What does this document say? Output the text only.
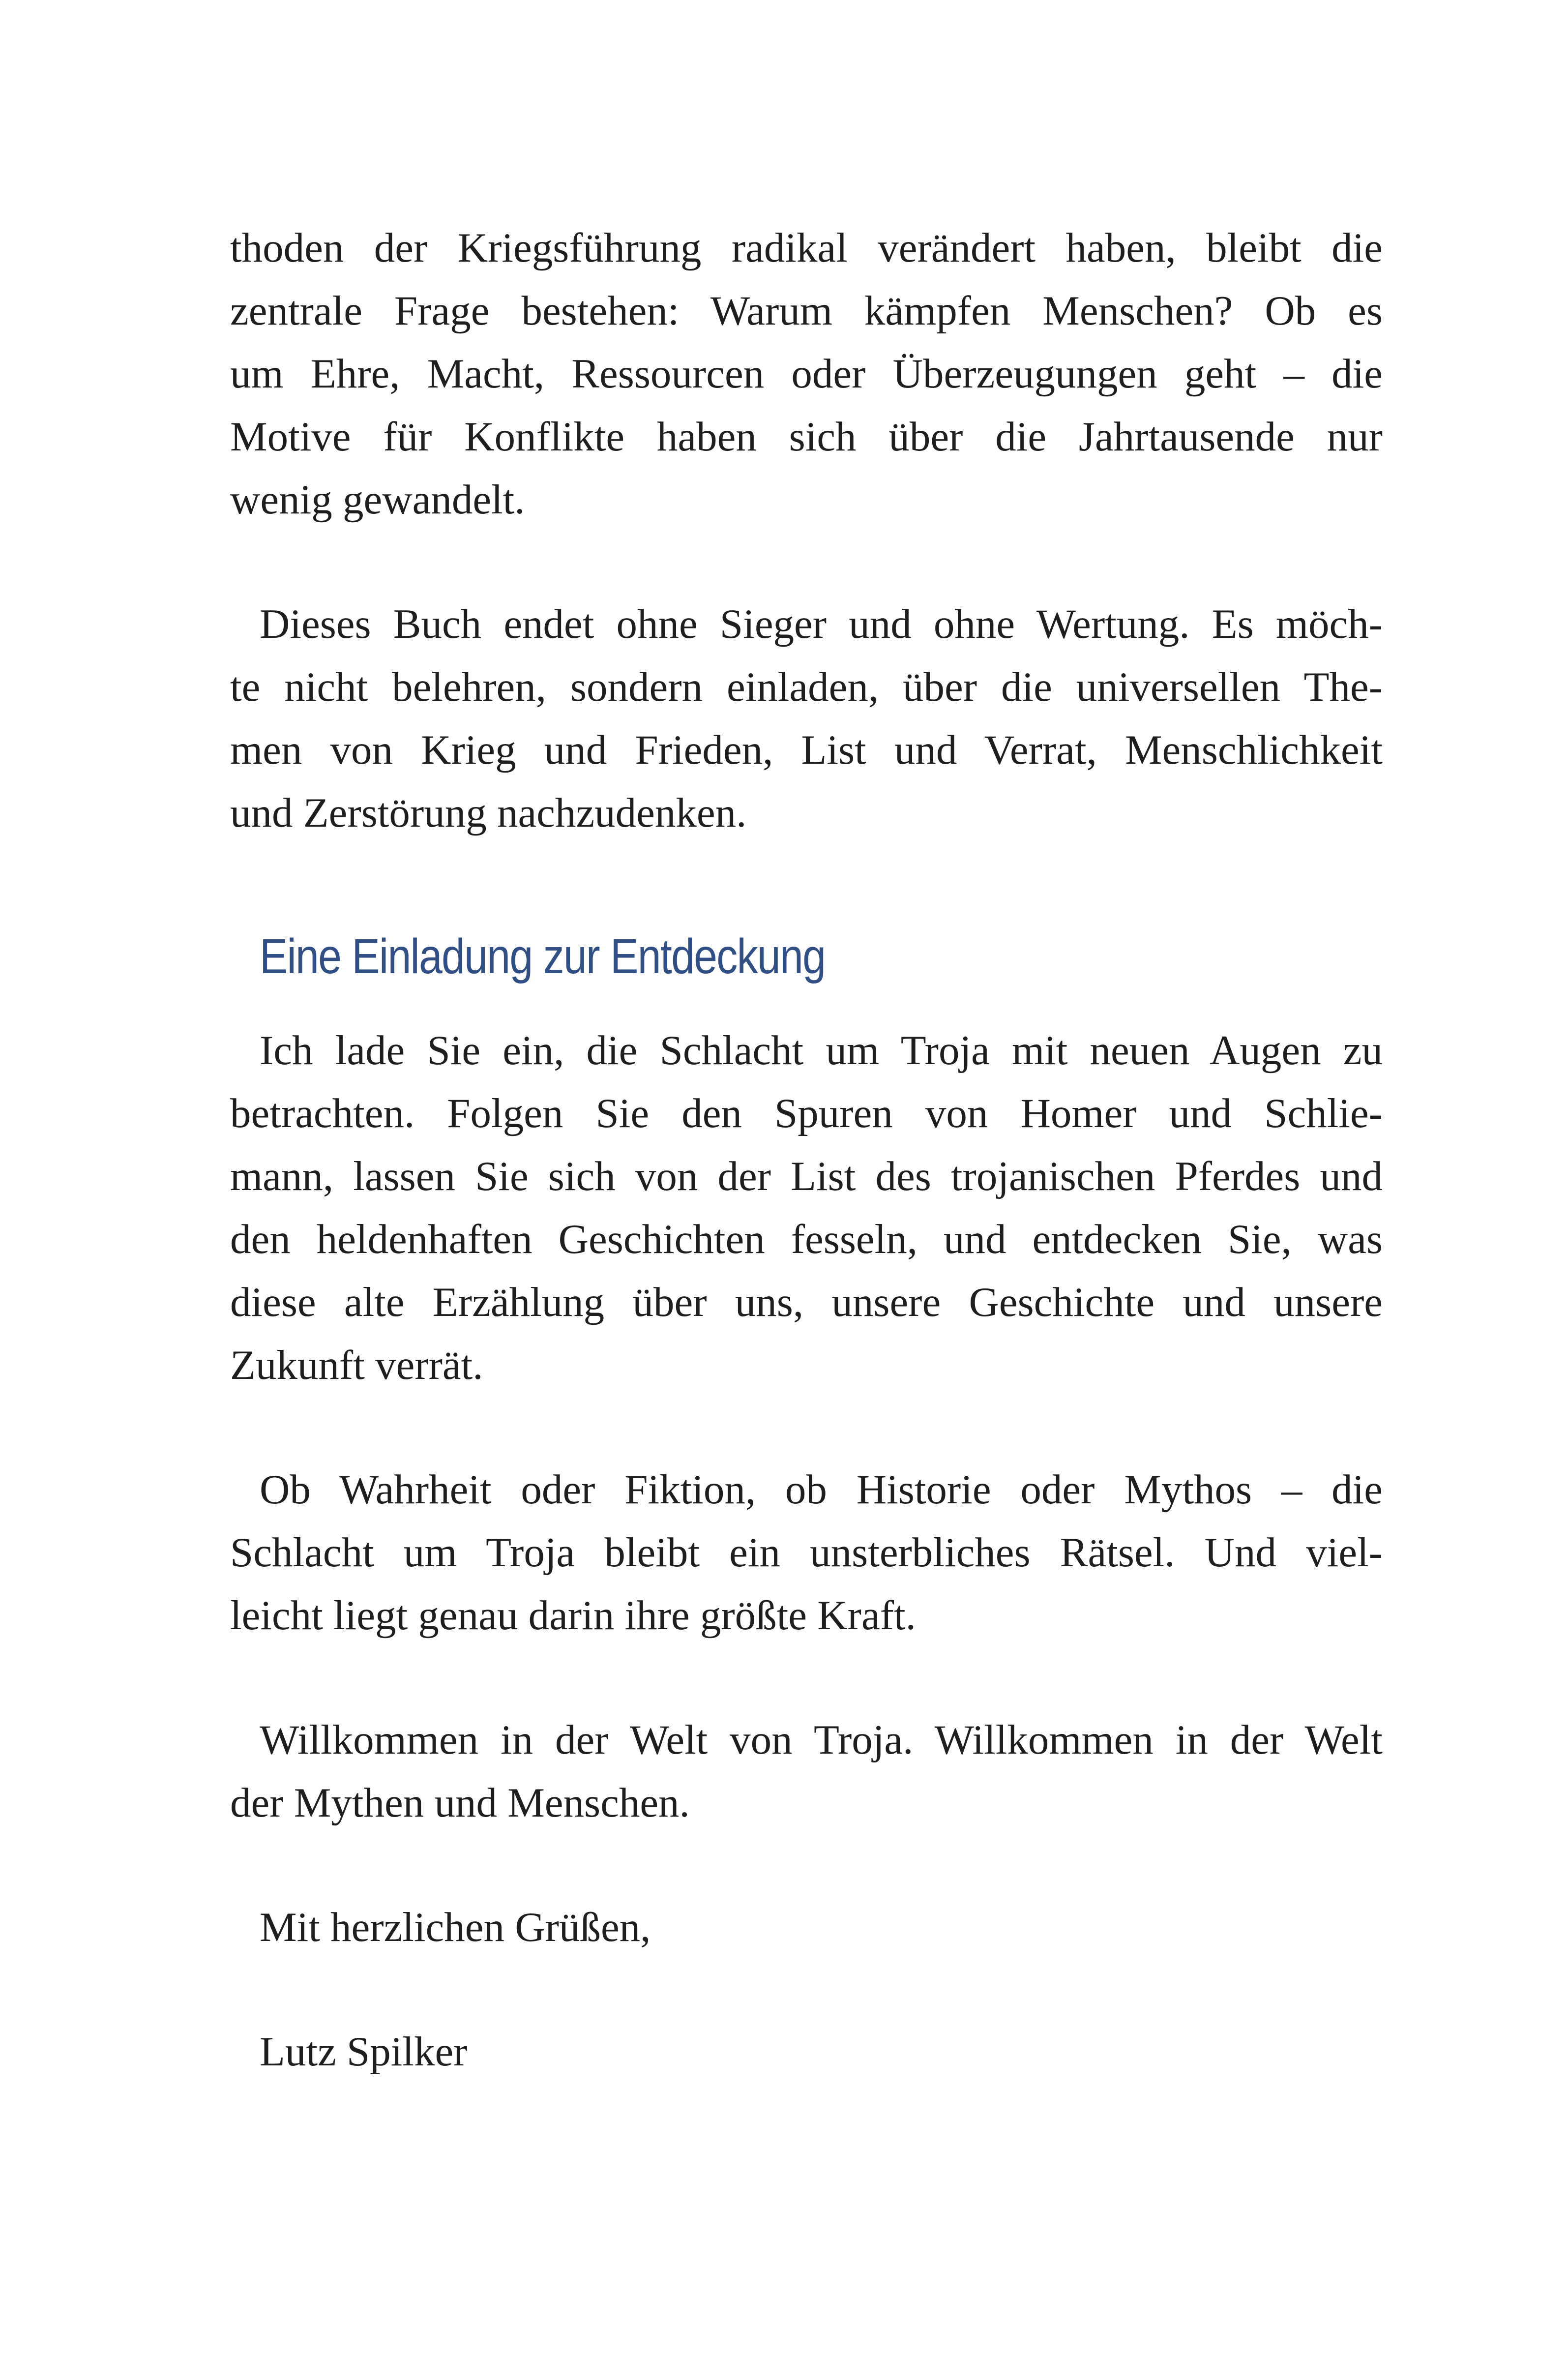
thoden der Kriegsführung radikal verändert haben, bleibt die
zentrale Frage bestehen: Warum kämpfen Menschen? Ob es
um Ehre, Macht, Ressourcen oder Überzeugungen geht – die
Motive für Konflikte haben sich über die Jahrtausende nur
wenig gewandelt.
Dieses Buch endet ohne Sieger und ohne Wertung. Es möch-
te nicht belehren, sondern einladen, über die universellen The-
men von Krieg und Frieden, List und Verrat, Menschlichkeit
und Zerstörung nachzudenken.
Ich lade Sie ein, die Schlacht um Troja mit neuen Augen zu
betrachten. Folgen Sie den Spuren von Homer und Schlie-
mann, lassen Sie sich von der List des trojanischen Pferdes und
den heldenhaften Geschichten fesseln, und entdecken Sie, was
diese alte Erzählung über uns, unsere Geschichte und unsere
Zukunft verrät.
Ob Wahrheit oder Fiktion, ob Historie oder Mythos – die
Schlacht um Troja bleibt ein unsterbliches Rätsel. Und viel-
leicht liegt genau darin ihre größte Kraft.
Willkommen in der Welt von Troja. Willkommen in der Welt
der Mythen und Menschen.
Mit herzlichen Grüßen,
Lutz Spilker
Eine Einladung zur Entdeckung
